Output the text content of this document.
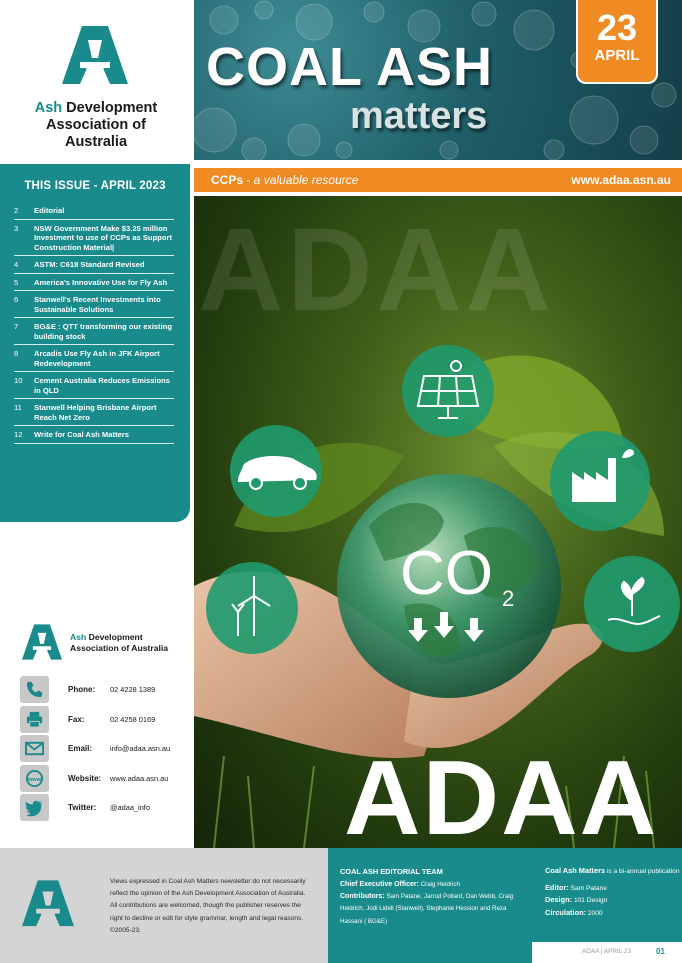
Ash Development
Association of
Australia
COAL ASH
matters
23
APRIL
CCPs - a valuable resource	www.adaa.asn.au
THIS ISSUE - APRIL 2023
2	Editorial
3	NSW Government Make $3.25 million Investment to use of CCPs as Support Construction Material|
4	ASTM: C618 Standard Revised
5	America's Innovative Use for Fly Ash
6	Stanwell's Recent Investments into Sustainable Solutions
7	BG&E : QTT transforming our existing building stock
8	Arcadis Use Fly Ash in JFK Airport Redevelopment
10	Cement Australia Reduces Emissions in QLD
11	Stanwell Helping Brisbane Airport Reach Net Zero
12	Write for Coal Ash Matters
Ash Development
Association of Australia
Phone: 02 4228 1389
Fax:	02 4258 0169
Email: info@adaa.asn.au
www	Website: www.adaa.asn.au
Twitter: @adaa_info
ADAA
CO 2
ADAA
Views expressed in Coal Ash Matters newsletter do not necessarily reflect the opinion of the Ash Development Association of Australia. All contributions are welcomed, though the publisher reserves the right to decline or edit for style grammar, length and legal reasons. ©2005-23.
COAL ASH EDITORIAL TEAM
Chief Executive Officer: Craig Heidrich
Contributors: Sam Patane, Jarrod Pollard, Dan Webb, Craig Heidrich, Jodi Lidell (Stanwell), Stephanie Hession and Reza Hassani ( BG&E)
Coal Ash Matters is a bi-annual publication
Editor: Sam Patane
Design: 101 Design
Circulation: 2000
ADAA | APRIL 23	01
